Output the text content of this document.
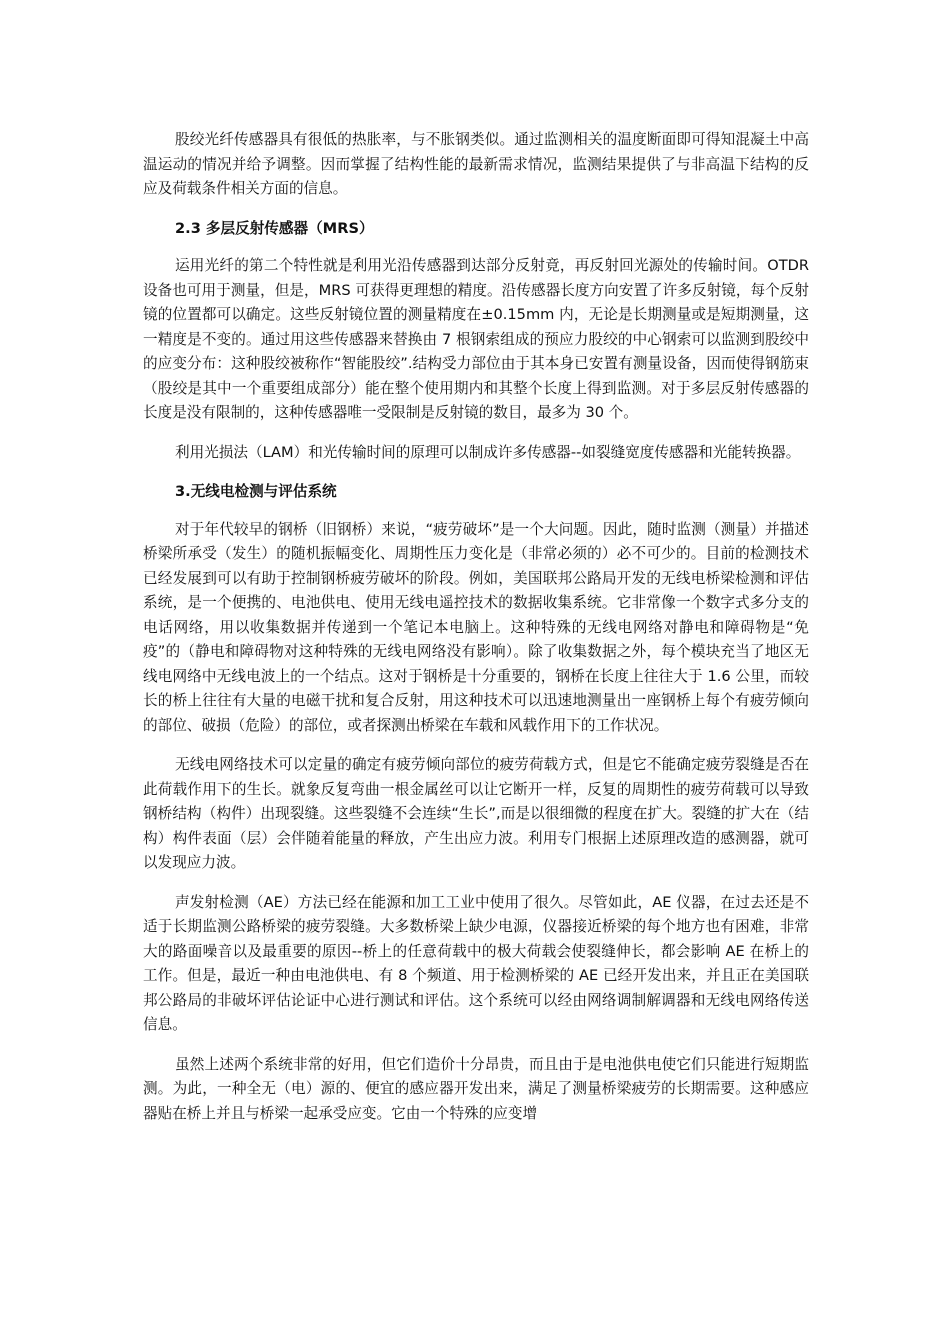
股绞光纤传感器具有很低的热胀率，与不胀钢类似。通过监测相关的温度断面即可得知混凝土中高温运动的情况并给予调整。因而掌握了结构性能的最新需求情况，监测结果提供了与非高温下结构的反应及荷载条件相关方面的信息。

2.3 多层反射传感器（MRS）

运用光纤的第二个特性就是利用光沿传感器到达部分反射竟，再反射回光源处的传输时间。OTDR 设备也可用于测量，但是，MRS 可获得更理想的精度。沿传感器长度方向安置了许多反射镜，每个反射镜的位置都可以确定。这些反射镜位置的测量精度在±0.15mm 内，无论是长期测量或是短期测量，这一精度是不变的。通过用这些传感器来替换由 7 根钢索组成的预应力股绞的中心钢索可以监测到股绞中的应变分布：这种股绞被称作“智能股绞”.结构受力部位由于其本身已安置有测量设备，因而使得钢筋束（股绞是其中一个重要组成部分）能在整个使用期内和其整个长度上得到监测。对于多层反射传感器的长度是没有限制的，这种传感器唯一受限制是反射镜的数目，最多为 30 个。

利用光损法（LAM）和光传输时间的原理可以制成许多传感器--如裂缝宽度传感器和光能转换器。

3.无线电检测与评估系统

对于年代较早的钢桥（旧钢桥）来说，“疲劳破坏”是一个大问题。因此，随时监测（测量）并描述桥梁所承受（发生）的随机振幅变化、周期性压力变化是（非常必须的）必不可少的。目前的检测技术已经发展到可以有助于控制钢桥疲劳破坏的阶段。例如，美国联邦公路局开发的无线电桥梁检测和评估系统，是一个便携的、电池供电、使用无线电遥控技术的数据收集系统。它非常像一个数字式多分支的电话网络，用以收集数据并传递到一个笔记本电脑上。这种特殊的无线电网络对静电和障碍物是“免疫”的（静电和障碍物对这种特殊的无线电网络没有影响）。除了收集数据之外，每个模块充当了地区无线电网络中无线电波上的一个结点。这对于钢桥是十分重要的，钢桥在长度上往往大于 1.6 公里，而较长的桥上往往有大量的电磁干扰和复合反射，用这种技术可以迅速地测量出一座钢桥上每个有疲劳倾向的部位、破损（危险）的部位，或者探测出桥梁在车载和风载作用下的工作状况。

无线电网络技术可以定量的确定有疲劳倾向部位的疲劳荷载方式，但是它不能确定疲劳裂缝是否在此荷载作用下的生长。就象反复弯曲一根金属丝可以让它断开一样，反复的周期性的疲劳荷载可以导致钢桥结构（构件）出现裂缝。这些裂缝不会连续“生长”,而是以很细微的程度在扩大。裂缝的扩大在（结构）构件表面（层）会伴随着能量的释放，产生出应力波。利用专门根据上述原理改造的感测器，就可以发现应力波。

声发射检测（AE）方法已经在能源和加工工业中使用了很久。尽管如此，AE 仪器，在过去还是不适于长期监测公路桥梁的疲劳裂缝。大多数桥梁上缺少电源，仪器接近桥梁的每个地方也有困难，非常大的路面噪音以及最重要的原因--桥上的任意荷载中的极大荷载会使裂缝伸长，都会影响 AE 在桥上的工作。但是，最近一种由电池供电、有 8 个频道、用于检测桥梁的 AE 已经开发出来，并且正在美国联邦公路局的非破坏评估论证中心进行测试和评估。这个系统可以经由网络调制解调器和无线电网络传送信息。

虽然上述两个系统非常的好用，但它们造价十分昂贵，而且由于是电池供电使它们只能进行短期监测。为此，一种全无（电）源的、便宜的感应器开发出来，满足了测量桥梁疲劳的长期需要。这种感应器贴在桥上并且与桥梁一起承受应变。它由一个特殊的应变增
